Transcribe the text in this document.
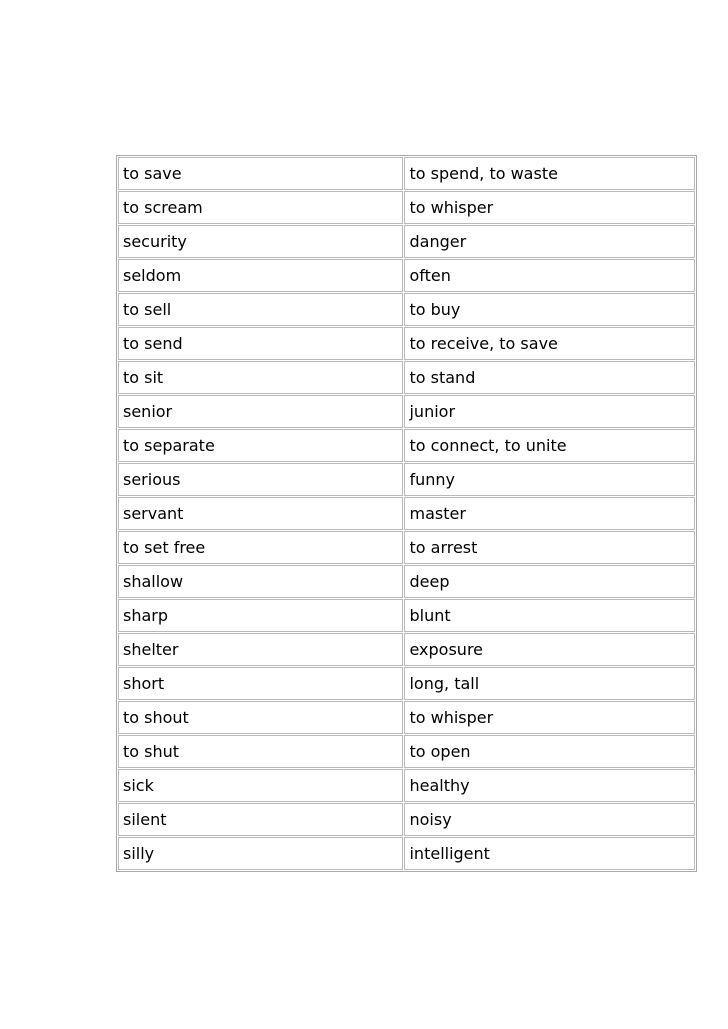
to save	to spend, to waste
to scream	to whisper
security	danger
seldom	often
to sell	to buy
to send	to receive, to save
to sit	to stand
senior	junior
to separate	to connect, to unite
serious	funny
servant	master
to set free	to arrest
shallow	deep
sharp	blunt
shelter	exposure
short	long, tall
to shout	to whisper
to shut	to open
sick	healthy
silent	noisy
silly	intelligent
